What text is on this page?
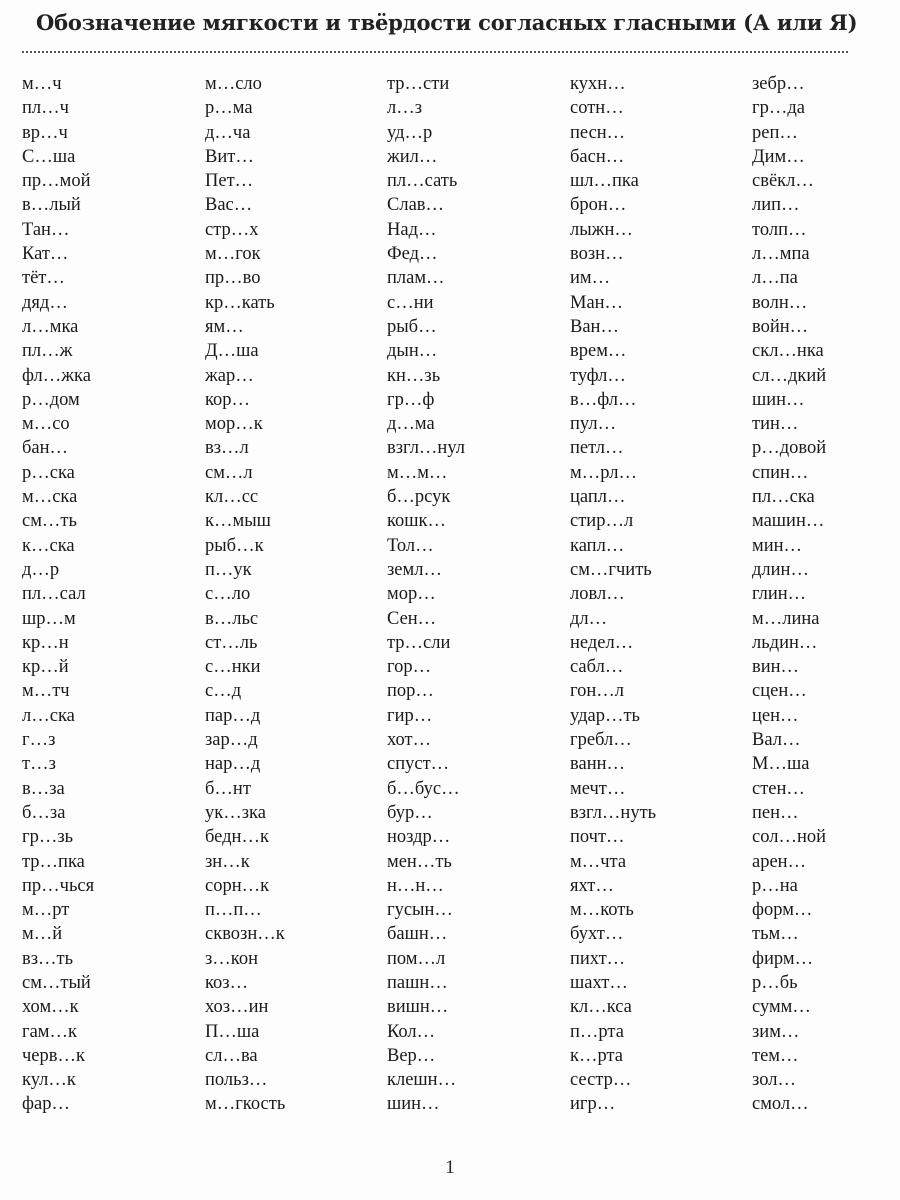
Обозначение мягкости и твёрдости согласных гласными (А или Я)
м…ч
пл…ч
вр…ч
С…ша
пр…мой
в…лый
Тан…
Кат…
тёт…
дяд…
л…мка
пл…ж
фл…жка
р…дом
м…со
бан…
р…ска
м…ска
см…ть
к…ска
д…р
пл…сал
шр…м
кр…н
кр…й
м…тч
л…ска
г…з
т…з
в…за
б…за
гр…зь
тр…пка
пр…чься
м…рт
м…й
вз…ть
см…тый
хом…к
гам…к
черв…к
кул…к
фар…
м…сло
р…ма
д…ча
Вит…
Пет…
Вас…
стр…х
м…гок
пр…во
кр…кать
ям…
Д…ша
жар…
кор…
мор…к
вз…л
см…л
кл…сс
к…мыш
рыб…к
п…ук
с…ло
в…льс
ст…ль
с…нки
с…д
пар…д
зар…д
нар…д
б…нт
ук…зка
бедн…к
зн…к
сорн…к
п…п…
сквозн…к
з…кон
коз…
хоз…ин
П…ша
сл…ва
польз…
м…гкость
тр…сти
л…з
уд…р
жил…
пл…сать
Слав…
Над…
Фед…
плам…
с…ни
рыб…
дын…
кн…зь
гр…ф
д…ма
взгл…нул
м…м…
б…рсук
кошк…
Тол…
земл…
мор…
Сен…
тр…сли
гор…
пор…
гир…
хот…
спуст…
б…бус…
бур…
ноздр…
мен…ть
н…н…
гусын…
башн…
пом…л
пашн…
вишн…
Кол…
Вер…
клешн…
шин…
кухн…
сотн…
песн…
басн…
шл…пка
брон…
лыжн…
возн…
им…
Ман…
Ван…
врем…
туфл…
в…фл…
пул…
петл…
м…рл…
цапл…
стир…л
капл…
см…гчить
ловл…
дл…
недел…
сабл…
гон…л
удар…ть
гребл…
ванн…
мечт…
взгл…нуть
почт…
м…чта
яхт…
м…коть
бухт…
пихт…
шахт…
кл…кса
п…рта
к…рта
сестр…
игр…
зебр…
гр…да
реп…
Дим…
свёкл…
лип…
толп…
л…мпа
л…па
волн…
войн…
скл…нка
сл…дкий
шин…
тин…
р…довой
спин…
пл…ска
машин…
мин…
длин…
глин…
м…лина
льдин…
вин…
сцен…
цен…
Вал…
М…ша
стен…
пен…
сол…ной
арен…
р…на
форм…
тьм…
фирм…
р…бь
сумм…
зим…
тем…
зол…
смол…
1
